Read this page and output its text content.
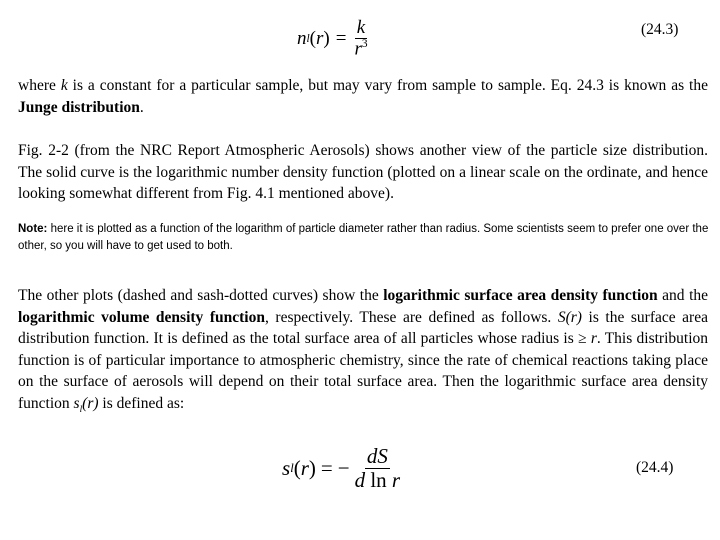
n l ( r ) = $\frac{k}{r^3}$	(24.3)
where k is a constant for a particular sample, but may vary from sample to sample. Eq. 24.3 is known as the Junge distribution.
Fig. 2-2 (from the NRC Report Atmospheric Aerosols) shows another view of the particle size distribution. The solid curve is the logarithmic number density function (plotted on a linear scale on the ordinate, and hence looking somewhat different from Fig. 4.1 mentioned above).
Note: here it is plotted as a function of the logarithm of particle diameter rather than radius. Some scientists seem to prefer one over the other, so you will have to get used to both.
The other plots (dashed and sash-dotted curves) show the logarithmic surface area density function and the logarithmic volume density function, respectively. These are defined as follows. S(r) is the surface area distribution function. It is defined as the total surface area of all particles whose radius is ≥ r. This distribution function is of particular importance to atmospheric chemistry, since the rate of chemical reactions taking place on the surface of aerosols will depend on their total surface area. Then the logarithmic surface area density function $s_l(r)$ is defined as:
s l ( r ) = − $\frac{dS}{\text{d ln r}}$	(24.4)
